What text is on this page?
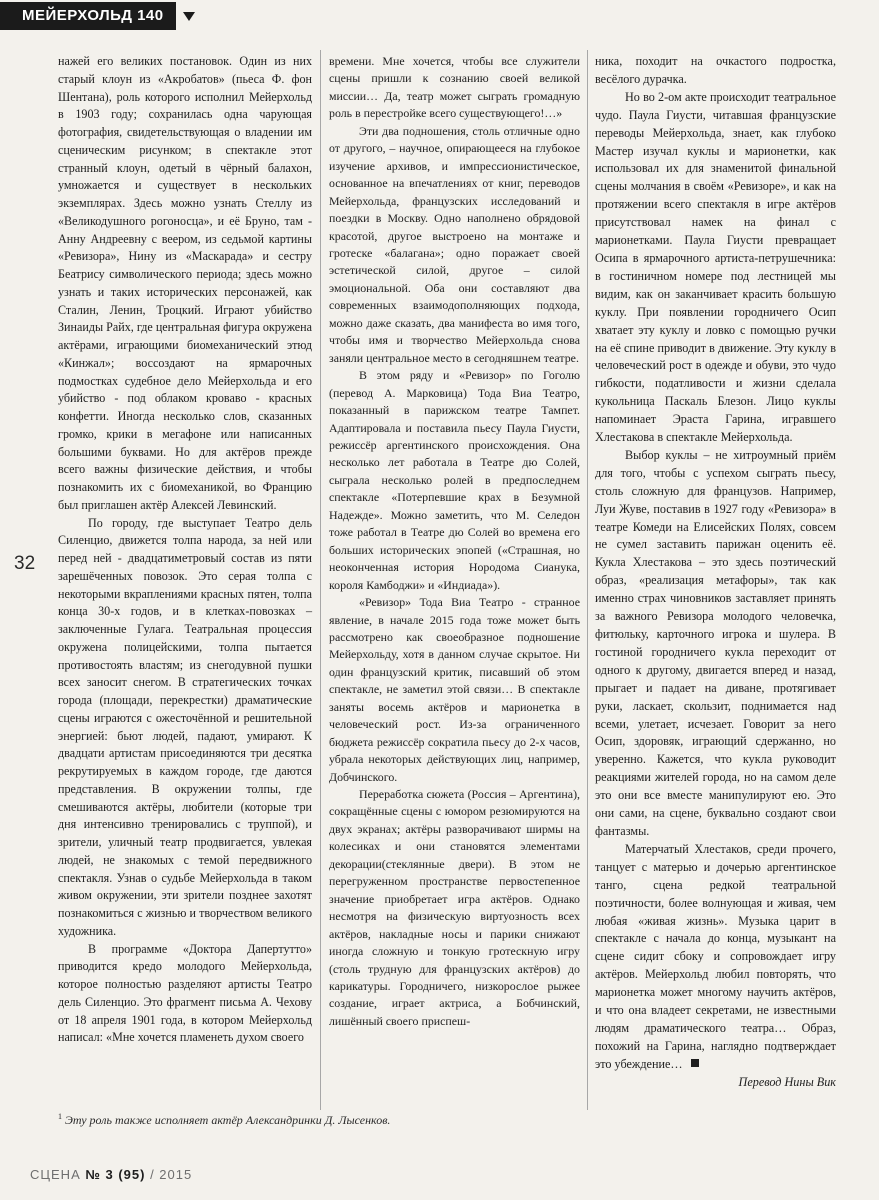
МЕЙЕРХОЛЬД 140
32

нажей его великих постановок. Один из них старый клоун из «Акробатов» (пьеса Ф. фон Шентана), роль которого исполнил Мейерхольд в 1903 году; сохранилась одна чарующая фотография, свидетельствующая о владении им сценическим рисунком; в спектакле этот странный клоун, одетый в чёрный балахон, умножается и существует в нескольких экземплярах. Здесь можно узнать Стеллу из «Великодушного рогоносца», и её Бруно, там - Анну Андреевну с веером, из седьмой картины «Ревизора», Нину из «Маскарада» и сестру Беатрису символического периода; здесь можно узнать и таких исторических персонажей, как Сталин, Ленин, Троцкий. Играют убийство Зинаиды Райх, где центральная фигура окружена актёрами, играющими биомеханический этюд «Кинжал»; воссоздают на ярмарочных подмостках судебное дело Мейерхольда и его убийство - под облаком кроваво - красных конфетти. Иногда несколько слов, сказанных громко, крики в мегафоне или написанных большими буквами. Но для актёров прежде всего важны физические действия, и чтобы познакомить их с биомеханикой, во Францию был приглашен актёр Алексей Левинский.

По городу, где выступает Театро дель Силенцио, движется толпа народа, за ней или перед ней - двадцатиметровый состав из пяти зарешёченных повозок. Это серая толпа с некоторыми вкраплениями красных пятен, толпа конца 30-х годов, и в клетках-повозках – заключенные Гулага. Театральная процессия окружена полицейскими, толпа пытается противостоять властям; из снегодувной пушки всех заносит снегом. В стратегических точках города (площади, перекрестки) драматические сцены играются с ожесточённой и решительной энергией: бьют людей, падают, умирают. К двадцати артистам присоединяются три десятка рекрутируемых в каждом городе, где даются представления. В окружении толпы, где смешиваются актёры, любители (которые три дня интенсивно тренировались с труппой), и зрители, уличный театр продвигается, увлекая людей, не знакомых с темой передвижного спектакля. Узнав о судьбе Мейерхольда в таком живом окружении, эти зрители позднее захотят познакомиться с жизнью и творчеством великого художника.

В программе «Доктора Дапертутто» приводится кредо молодого Мейерхольда, которое полностью разделяют артисты Театро дель Силенцио. Это фрагмент письма А. Чехову от 18 апреля 1901 года, в котором Мейерхольд написал: «Мне хочется пламенеть духом своего

времени. Мне хочется, чтобы все служители сцены пришли к сознанию своей великой миссии… Да, театр может сыграть громадную роль в перестройке всего существующего!…»

Эти два подношения, столь отличные одно от другого, – научное, опирающееся на глубокое изучение архивов, и импрессионистическое, основанное на впечатлениях от книг, переводов Мейерхольда, французских исследований и поездки в Москву. Одно наполнено обрядовой красотой, другое выстроено на монтаже и гротеске «балагана»; одно поражает своей эстетической силой, другое – силой эмоциональной. Оба они составляют два современных взаимодополняющих подхода, можно даже сказать, два манифеста во имя того, чтобы имя и творчество Мейерхольда снова заняли центральное место в сегодняшнем театре.

В этом ряду и «Ревизор» по Гоголю (перевод А. Марковица) Тода Виа Театро, показанный в парижском театре Тампет. Адаптировала и поставила пьесу Паула Гиусти, режиссёр аргентинского происхождения. Она несколько лет работала в Театре дю Солей, сыграла несколько ролей в предпоследнем спектакле «Потерпевшие крах в Безумной Надежде». Можно заметить, что М. Селедон тоже работал в Театре дю Солей во времена его больших исторических эпопей («Страшная, но неоконченная история Нородома Сианука, короля Камбоджи» и «Индиада»).

«Ревизор» Тода Виа Театро - странное явление, в начале 2015 года тоже может быть рассмотрено как своеобразное подношение Мейерхольду, хотя в данном случае скрытое. Ни один французский критик, писавший об этом спектакле, не заметил этой связи… В спектакле заняты восемь актёров и марионетка в человеческий рост. Из-за ограниченного бюджета режиссёр сократила пьесу до 2-х часов, убрала некоторых действующих лиц, например, Добчинского.

Переработка сюжета (Россия – Аргентина), сокращённые сцены с юмором резюмируются на двух экранах; актёры разворачивают ширмы на колесиках и они становятся элементами декорации(стеклянные двери). В этом не перегруженном пространстве первостепенное значение приобретает игра актёров. Однако несмотря на физическую виртуозность всех актёров, накладные носы и парики снижают иногда сложную и тонкую гротескную игру (столь трудную для французских актёров) до карикатуры. Городничего, низкорослое рыжее создание, играет актриса, а Бобчинский, лишённый своего приспеш-

ника, походит на очкастого подростка, весёлого дурачка.

Но во 2-ом акте происходит театральное чудо. Паула Гиусти, читавшая французские переводы Мейерхольда, знает, как глубоко Мастер изучал куклы и марионетки, как использовал их для знаменитой финальной сцены молчания в своём «Ревизоре», и как на протяжении всего спектакля в игре актёров присутствовал намек на финал с марионетками. Паула Гиусти превращает Осипа в ярмарочного артиста-петрушечника: в гостиничном номере под лестницей мы видим, как он заканчивает красить большую куклу. При появлении городничего Осип хватает эту куклу и ловко с помощью ручки на её спине приводит в движение. Эту куклу в человеческий рост в одежде и обуви, это чудо гибкости, податливости и жизни сделала кукольница Паскаль Блезон. Лицо куклы напоминает Эраста Гарина, игравшего Хлестакова в спектакле Мейерхольда.

Выбор куклы – не хитроумный приём для того, чтобы с успехом сыграть пьесу, столь сложную для французов. Например, Луи Жуве, поставив в 1927 году «Ревизора» в театре Комеди на Елисейских Полях, совсем не сумел заставить парижан оценить её. Кукла Хлестакова – это здесь поэтический образ, «реализация метафоры», так как именно страх чиновников заставляет принять за важного Ревизора молодого человечка, фитюльку, карточного игрока и шулера. В гостиной городничего кукла переходит от одного к другому, двигается вперед и назад, прыгает и падает на диване, протягивает руки, ласкает, скользит, поднимается над всеми, улетает, исчезает. Говорит за него Осип, здоровяк, играющий сдержанно, но уверенно. Кажется, что кукла руководит реакциями жителей города, но на самом деле это они все вместе манипулируют ею. Это они сами, на сцене, буквально создают свои фантазмы.

Матерчатый Хлестаков, среди прочего, танцует с матерью и дочерью аргентинское танго, сцена редкой театральной поэтичности, более волнующая и живая, чем любая «живая жизнь». Музыка царит в спектакле с начала до конца, музыкант на сцене сидит сбоку и сопровождает игру актёров. Мейерхольд любил повторять, что марионетка может многому научить актёров, и что она владеет секретами, не известными людям драматического театра… Образ, похожий на Гарина, наглядно подтверждает это убеждение…

Перевод Нины Вик

$^1$ Эту роль также исполняет актёр Александринки Д. Лысенков.
СЦЕНА № 3 (95) / 2015
